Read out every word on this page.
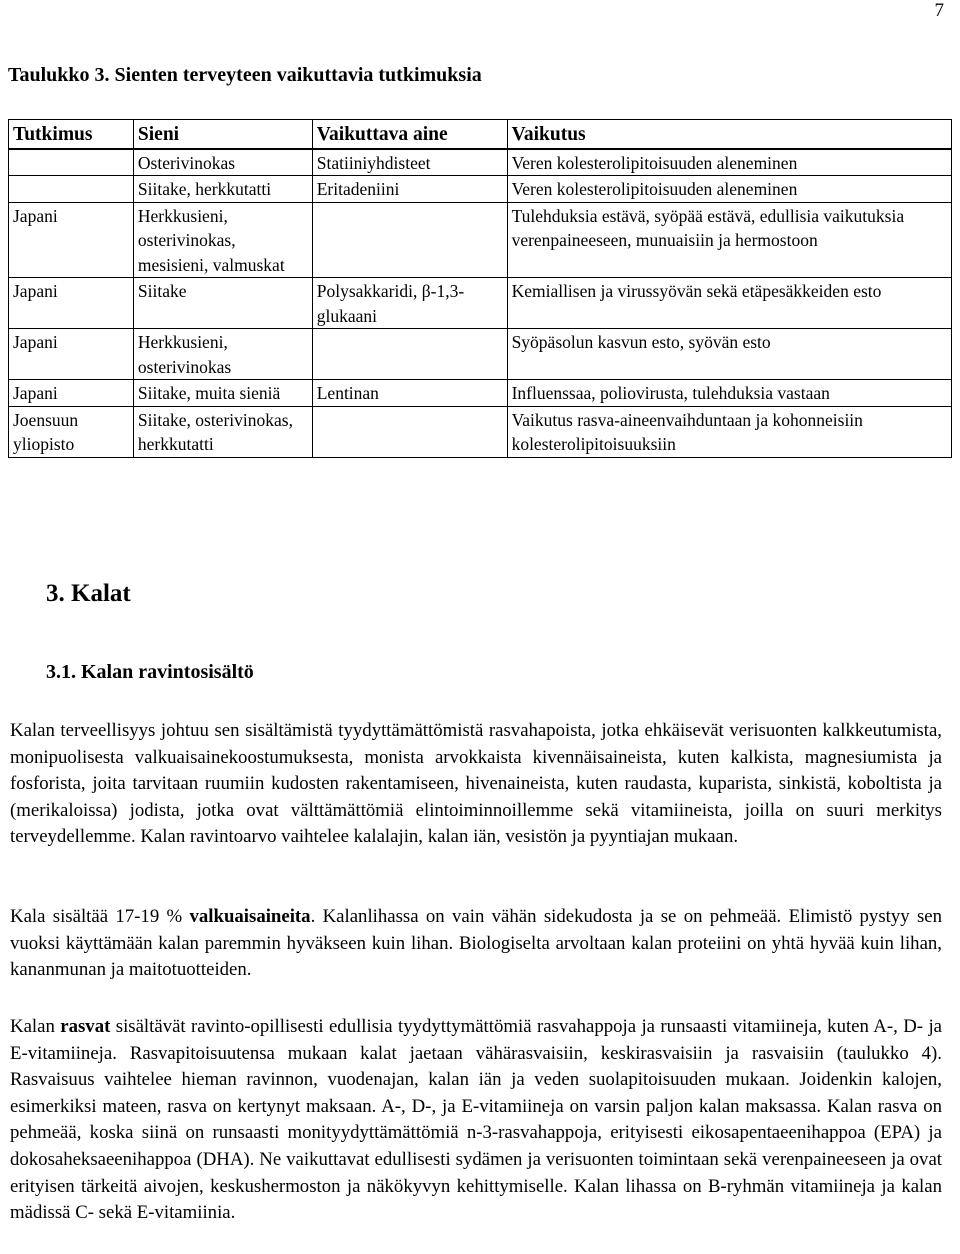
7
Taulukko 3. Sienten terveyteen vaikuttavia tutkimuksia
Tutkimus	Sieni	Vaikuttava aine	Vaikutus
	Osterivinokas	Statiiniyhdisteet	Veren kolesterolipitoisuuden aleneminen
	Siitake, herkkutatti	Eritadeniini	Veren kolesterolipitoisuuden aleneminen
Japani	Herkkusieni, osterivinokas, mesisieni, valmuskat		Tulehduksia estävä, syöpää estävä, edullisia vaikutuksia verenpaineeseen, munuaisiin ja hermostoon
Japani	Siitake	Polysakkaridi, β-1,3-glukaani	Kemiallisen ja virussyövän sekä etäpesäkkeiden esto
Japani	Herkkusieni, osterivinokas		Syöpäsolun kasvun esto, syövän esto
Japani	Siitake, muita sieniä	Lentinan	Influenssaa, poliovirusta, tulehduksia vastaan
Joensuun yliopisto	Siitake, osterivinokas, herkkutatti		Vaikutus rasva-aineenvaihduntaan ja kohonneisiin kolesterolipitoisuuksiin
3. Kalat
3.1. Kalan ravintosisältö

Kalan terveellisyys johtuu sen sisältämistä tyydyttämättömistä rasvahapoista, jotka ehkäisevät verisuonten kalkkeutumista, monipuolisesta valkuaisainekoostumuksesta, monista arvokkaista kivennäisaineista, kuten kalkista, magnesiumista ja fosforista, joita tarvitaan ruumiin kudosten rakentamiseen, hivenaineista, kuten raudasta, kuparista, sinkistä, koboltista ja (merikaloissa) jodista, jotka ovat välttämättömiä elintoiminnoillemme sekä vitamiineista, joilla on suuri merkitys terveydellemme. Kalan ravintoarvo vaihtelee kalalajin, kalan iän, vesistön ja pyyntiajan mukaan.

Kala sisältää 17-19 % valkuaisaineita. Kalanlihassa on vain vähän sidekudosta ja se on pehmeää. Elimistö pystyy sen vuoksi käyttämään kalan paremmin hyväkseen kuin lihan. Biologiselta arvoltaan kalan proteiini on yhtä hyvää kuin lihan, kananmunan ja maitotuotteiden.

Kalan rasvat sisältävät ravinto-opillisesti edullisia tyydyttymättömiä rasvahappoja ja runsaasti vitamiineja, kuten A-, D- ja E-vitamiineja. Rasvapitoisuutensa mukaan kalat jaetaan vähärasvaisiin, keskirasvaisiin ja rasvaisiin (taulukko 4). Rasvaisuus vaihtelee hieman ravinnon, vuodenajan, kalan iän ja veden suolapitoisuuden mukaan. Joidenkin kalojen, esimerkiksi mateen, rasva on kertynyt maksaan. A-, D-, ja E-vitamiineja on varsin paljon kalan maksassa. Kalan rasva on pehmeää, koska siinä on runsaasti monityydyttämättömiä n-3-rasvahappoja, erityisesti eikosapentaeenihappoa (EPA) ja dokosaheksaeenihappoa (DHA). Ne vaikuttavat edullisesti sydämen ja verisuonten toimintaan sekä verenpaineeseen ja ovat erityisen tärkeitä aivojen, keskushermoston ja näkökyvyn kehittymiselle. Kalan lihassa on B-ryhmän vitamiineja ja kalan mädissä C- sekä E-vitamiinia.
